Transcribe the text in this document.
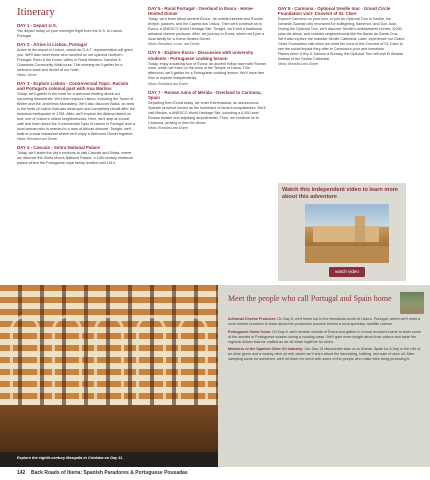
Itinerary
DAY 1 - Depart U.S.
You depart today on your overnight flight from the U.S. to Lisbon, Portugal.
DAY 2 - Arrive in Lisbon, Portugal
Arrive at the airport in Lisbon, where an O.A.T. representative will greet you. We'll also meet those who traveled on our optional Northern Portugal: Porto & the Douro Valley or Rural Madeira: Camões & Chaminés Community Walk tours. This evening we'll gather for a welcome toast and dinner at our hotel.
Meals: Dinner
DAY 3 - Explore Lisbon - Controversial Topic: Racism and Portugal's colonial past with Ana Martins
Today, we'll gather in the hotel for a welcome briefing about our upcoming discoveries. We'll then explore Lisbon, including the Tower of Belém and the Jerónimos Monastery. We'll also discover Baixa, an area in the heart of Lisbon that was destroyed and completely rebuilt after the historical earthquake of 1755. After, we'll explore the Alfama district on foot, one of Lisbon's oldest neighborhoods. Here, we'll stop at a local café and learn about the Controversial Topic of racism in Portugal from a local woman who is married to a man of African descent. Tonight, we'll walk to a local restaurant where we'll enjoy a Welcome Dinner together.
Meals: Breakfast and Dinner
DAY 4 - Cascais - Sintra National Palace
Today, we'll leave the city's environs to visit Cascais and Sintra, where we discover the Sintra Moors National Palace, a 14th-century medieval palace where the Portuguese royal family resided until 1910.
DAY 5 - Rural Portugal - Overland to Évora - Home-Hosted Dinner
Today, we'll learn about ancient Évora - its cobbled streets and Roman temple, palaces, and the Capela dos Ossos. Then we'll continue on to Évora, a UNESCO World Heritage Site. Tonight, we'll visit a traditional artisanal cheese producer. After, we journey to Évora, where we'll join a local family for a Home-Hosted Dinner.
Meals: Breakfast, Lunch, and Dinner
DAY 6 - Explore Évora - Discussion with university students - Portuguese cooking lesson
Today, enjoy a walking tour of Évora, an ancient hilltop town with Roman ruins, which we'll see on the ruins of the Temple of Diana. This afternoon, we'll gather for a Portuguese cooking lesson. We'll have free time to explore independently.
Meals: Breakfast and Dinner
DAY 7 - Roman ruins of Mérida - Overland to Carmona, Spain
Departing from Évora today, we enter Extremadura, an autonomous Spanish province known as the homeland of famed conquistadors. We'll visit Mérida, a UNESCO World Heritage Site, including a 6,000-seat Roman theater and adjoining amphitheater. Then, we continue on to Carmona, arriving in time for dinner.
Meals: Breakfast and Dinner
DAY 8 - Carmona - Optional Seville tour - Grand Circle Foundation visit: Convent of St. Clare
Explore Carmona on your own, or join an Optional Tour to Seville, the romantic Spanish city renowned for bullfighting, flamenco, and Don Juan. During the Optional Tour, we'll discover Seville's whitewashed homes, 8,000-year-old alleys, and cobbled neighborhoods like the Barrio de Santa Cruz. We'll also explore the massive Seville Cathedral. Later, experience our Grand Circle Foundation visit when we meet the nuns of the Convent of St. Clare to see the social impact they offer to Carmona's poor and homeless.
Places seen: If tiny & Salmon a Sunday, the Optional Tour will visit El Alcázar instead of the Seville Cathedral.
Meals: Breakfast and Dinner
Watch this independent video to learn more about this adventure
watch video
Explore the eighth-century Mezquita in Córdoba on Day 11.
Meet the people who call Portugal and Spain home

Artisanal Cheese Producer: On Day 5, we'll travel out to the farmlands south of Lisbon, Portugal, where we'll meet a rural cheese producer to learn about the production process behind a local specialty: Azeitão cheese.

Portuguese Home Cook: On Day 6, we'll venture outside of Évora and gather in a local woman's home to learn some of the secrets of Portuguese cuisine during a cooking class. We'll gain more insight about their culture and taste the regional dishes that we crafted as we sit down together for lunch.

Members of the Spanish Olive Oil Industry: Our Day 13 discoveries take us to Úbeda, Spain for A Day in the Life of an olive grove and a nearby olive oil mill, where we'll learn about the harvesting, bottling, and sale of olive oil. After sampling some for ourselves, we'll sit down for lunch with some of the people who make their living producing it.

142 Back Roads of Iberia: Spanish Paradores & Portuguese Pousadas
